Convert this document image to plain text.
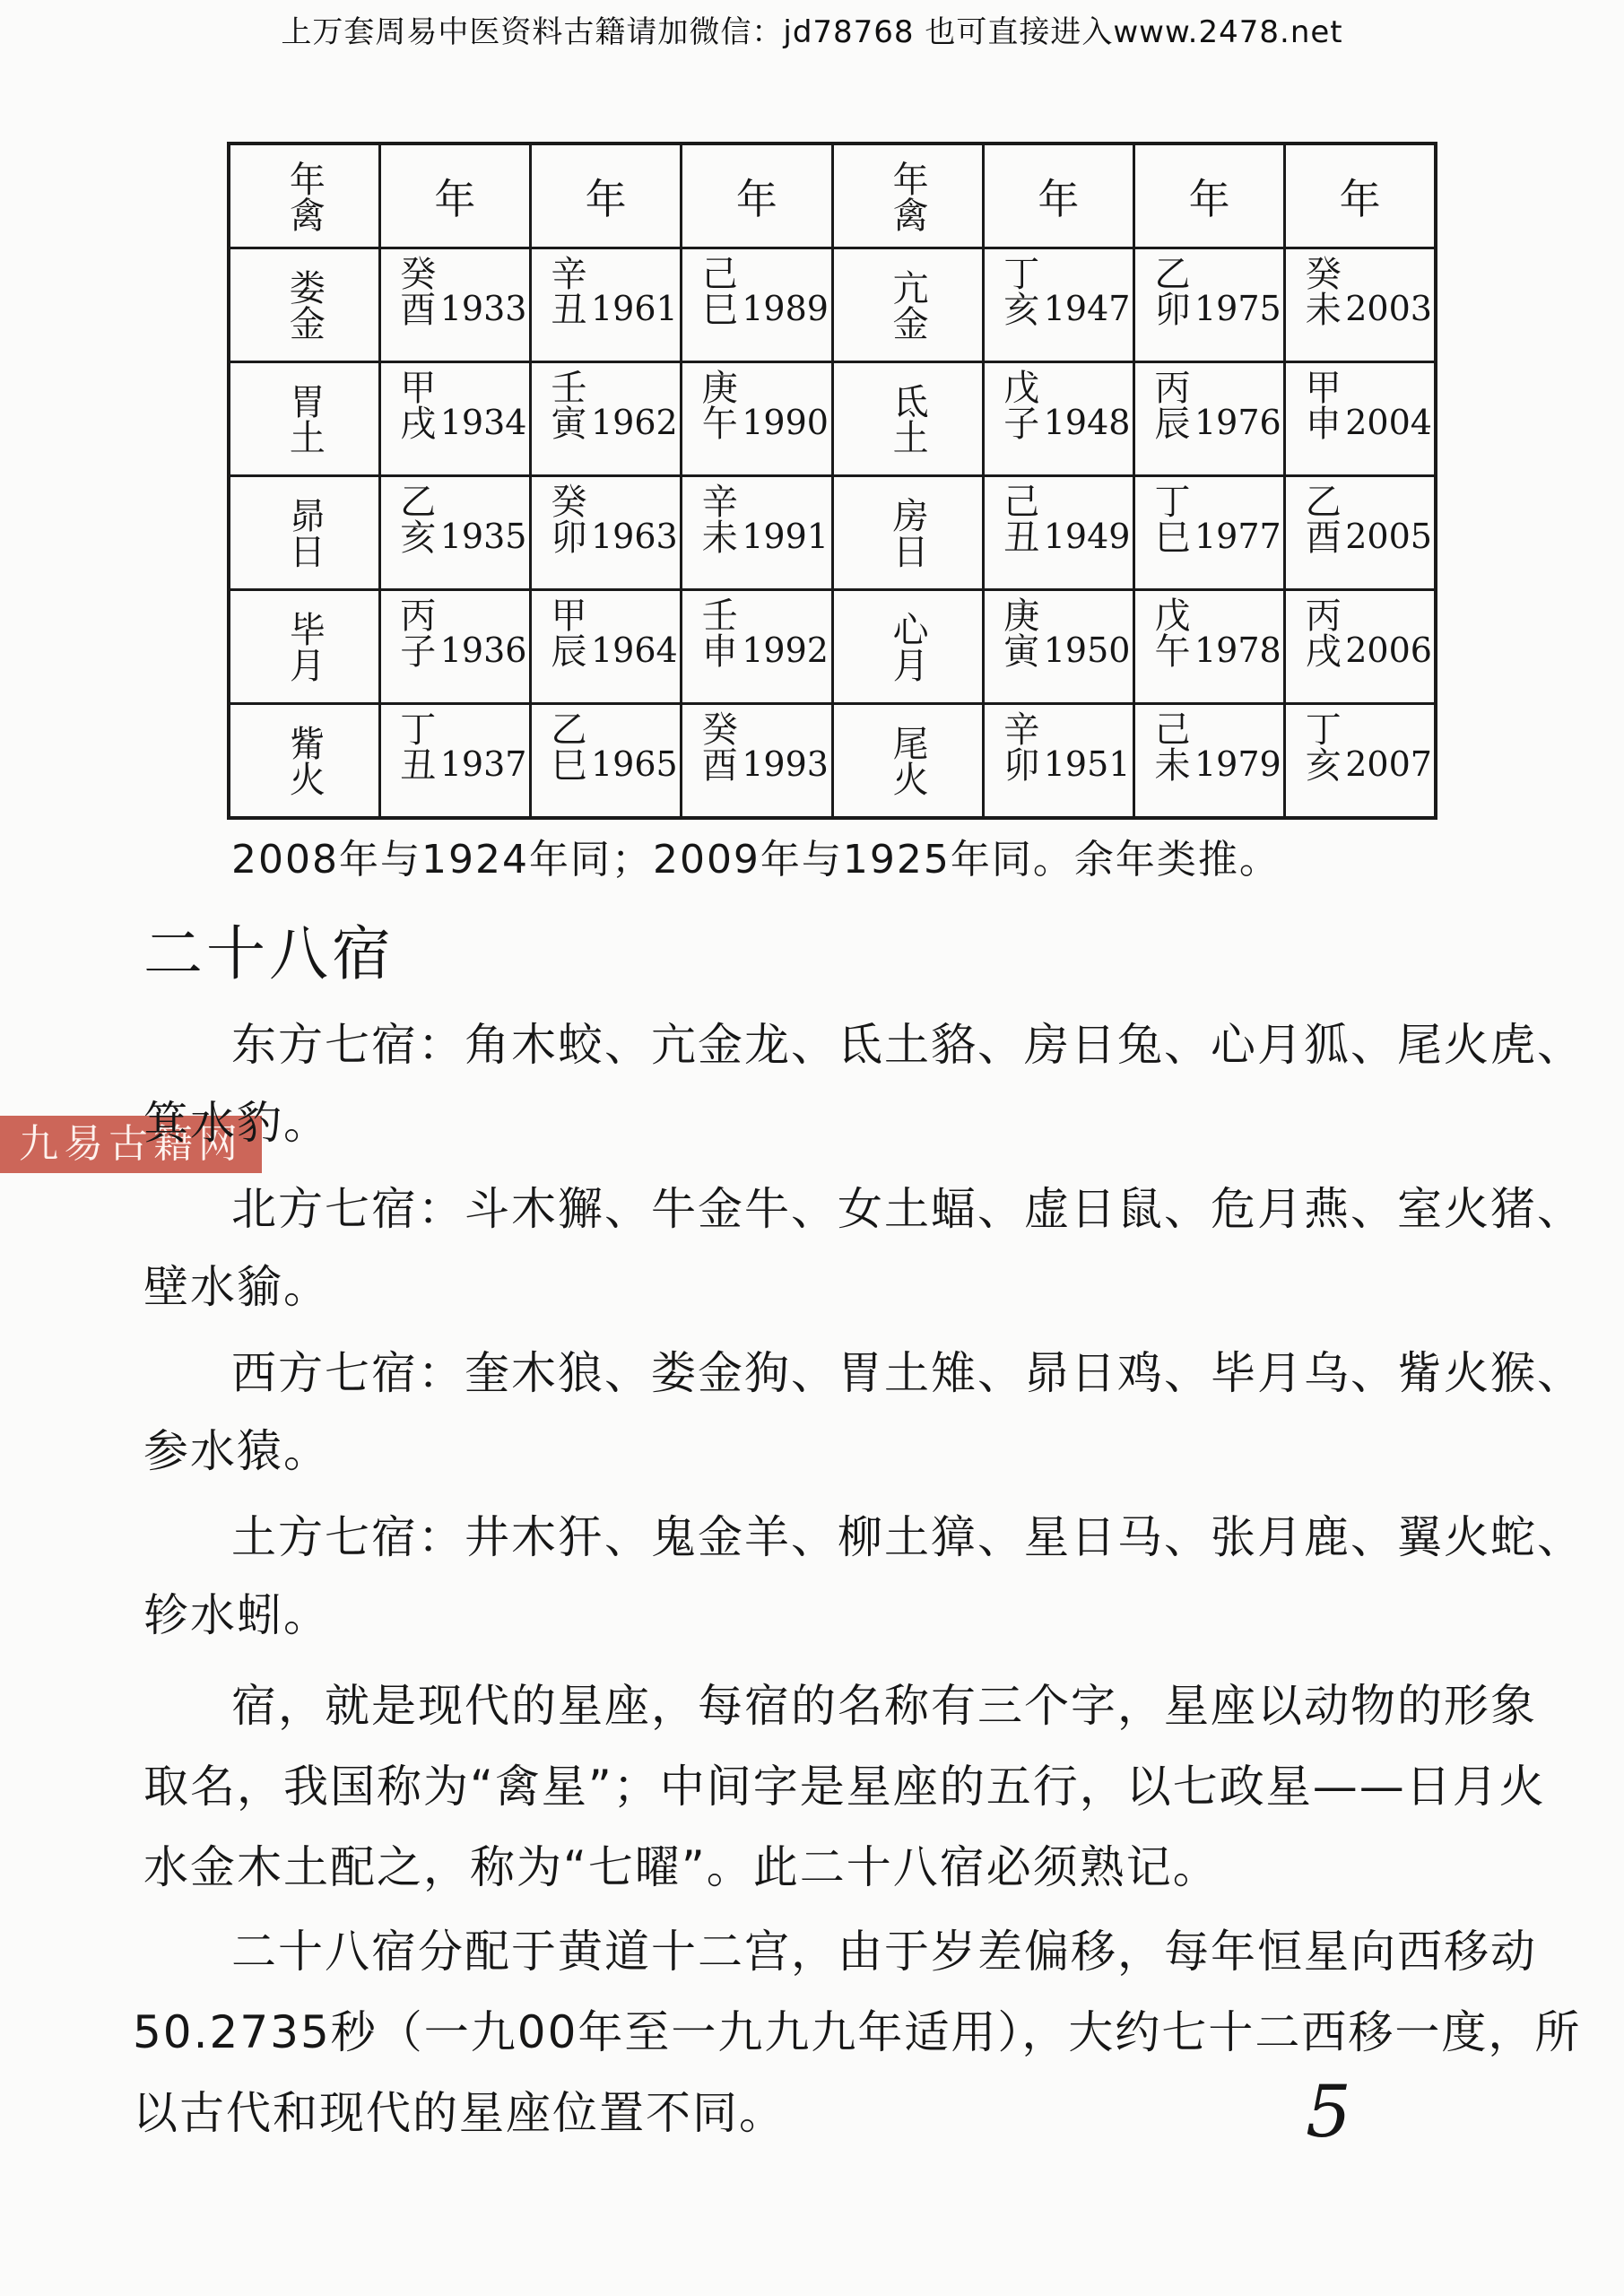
上万套周易中医资料古籍请加微信：jd78768 也可直接进入www.2478.net
九易古籍网
年禽	年	年	年	年禽	年	年	年

娄金	癸酉 1933	辛丑 1961	己巳 1989	亢金	丁亥 1947	乙卯 1975	癸未 2003

胃土	甲戌 1934	壬寅 1962	庚午 1990	氐土	戊子 1948	丙辰 1976	甲申 2004

昴日	乙亥 1935	癸卯 1963	辛未 1991	房日	己丑 1949	丁巳 1977	乙酉 2005

毕月	丙子 1936	甲辰 1964	壬申 1992	心月	庚寅 1950	戊午 1978	丙戌 2006

觜火	丁丑 1937	乙巳 1965	癸酉 1993	尾火	辛卯 1951	己未 1979	丁亥 2007
2008年与1924年同；2009年与1925年同。余年类推。
二十八宿
东方七宿：角木蛟、亢金龙、氐土貉、房日兔、心月狐、尾火虎、
箕水豹。
北方七宿：斗木獬、牛金牛、女土蝠、虚日鼠、危月燕、室火猪、
壁水貐。
西方七宿：奎木狼、娄金狗、胃土雉、昴日鸡、毕月乌、觜火猴、
参水猿。
土方七宿：井木犴、鬼金羊、柳土獐、星日马、张月鹿、翼火蛇、
轸水蚓。
宿，就是现代的星座，每宿的名称有三个字，星座以动物的形象
取名，我国称为“禽星”；中间字是星座的五行，以七政星——日月火
水金木土配之，称为“七曜”。此二十八宿必须熟记。
二十八宿分配于黄道十二宫，由于岁差偏移，每年恒星向西移动
50.2735秒（一九00年至一九九九年适用），大约七十二西移一度，所
以古代和现代的星座位置不同。	5
